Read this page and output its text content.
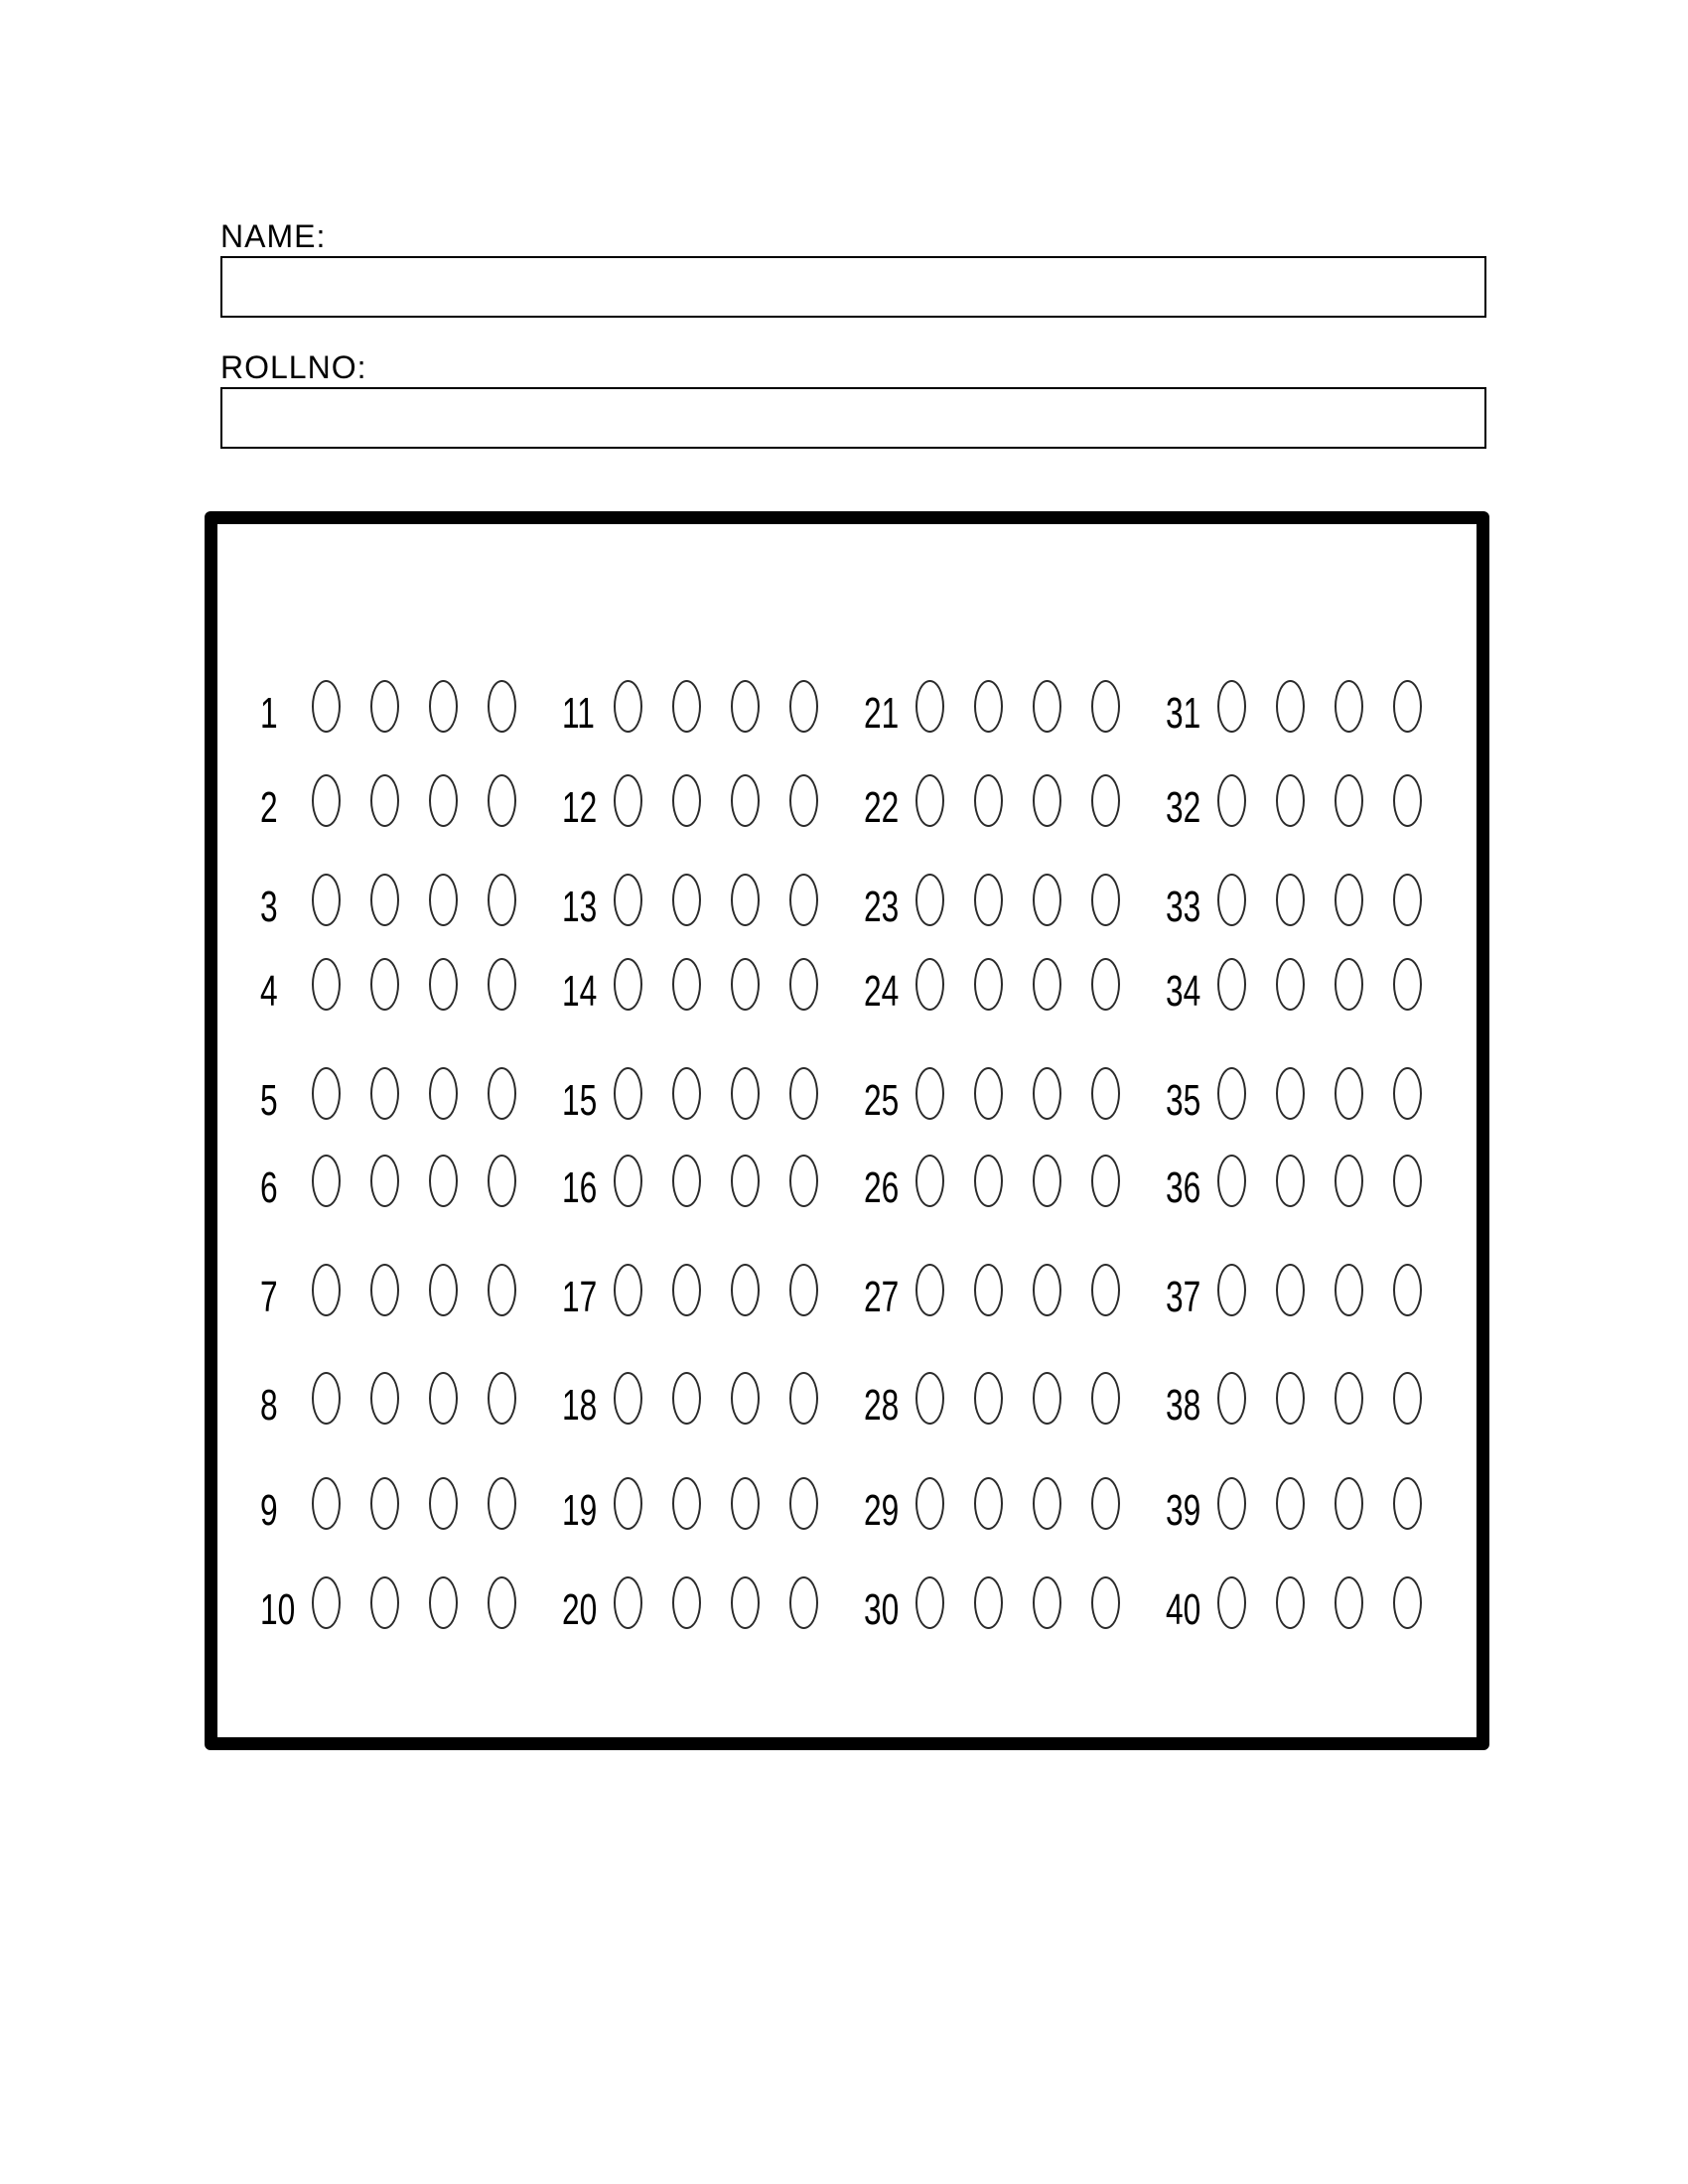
NAME:
ROLLNO:
1
2
3
4
5
6
7
8
9
10
11
12
13
14
15
16
17
18
19
20
21
22
23
24
25
26
27
28
29
30
31
32
33
34
35
36
37
38
39
40
